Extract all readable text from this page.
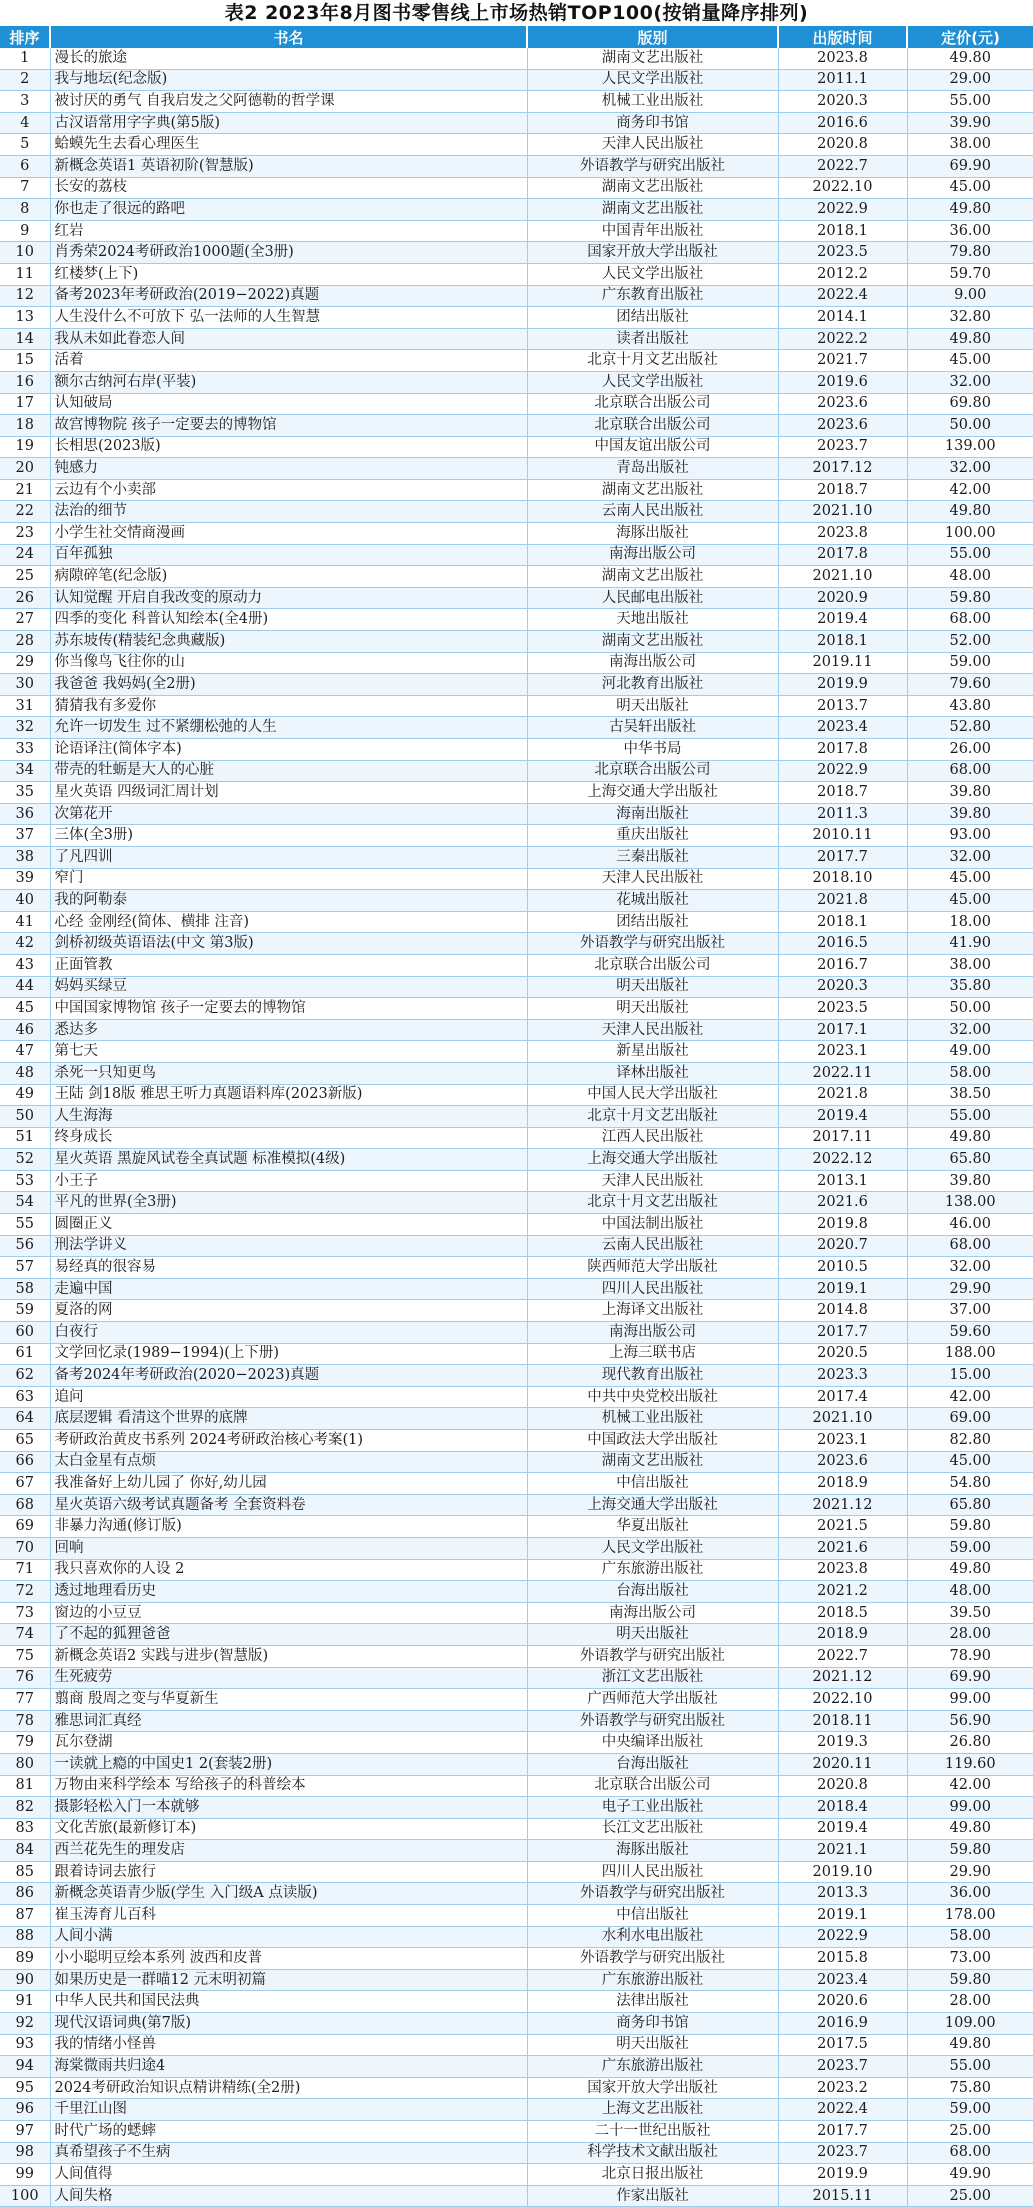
表2 2023年8月图书零售线上市场热销TOP100(按销量降序排列)
排序	书名	版别	出版时间	定价(元)
1	漫长的旅途	湖南文艺出版社	2023.8	49.80
2	我与地坛(纪念版)	人民文学出版社	2011.1	29.00
3	被讨厌的勇气 自我启发之父阿德勒的哲学课	机械工业出版社	2020.3	55.00
4	古汉语常用字字典(第5版)	商务印书馆	2016.6	39.90
5	蛤蟆先生去看心理医生	天津人民出版社	2020.8	38.00
6	新概念英语1 英语初阶(智慧版)	外语教学与研究出版社	2022.7	69.90
7	长安的荔枝	湖南文艺出版社	2022.10	45.00
8	你也走了很远的路吧	湖南文艺出版社	2022.9	49.80
9	红岩	中国青年出版社	2018.1	36.00
10	肖秀荣2024考研政治1000题(全3册)	国家开放大学出版社	2023.5	79.80
11	红楼梦(上下)	人民文学出版社	2012.2	59.70
12	备考2023年考研政治(2019−2022)真题	广东教育出版社	2022.4	9.00
13	人生没什么不可放下 弘一法师的人生智慧	团结出版社	2014.1	32.80
14	我从未如此眷恋人间	读者出版社	2022.2	49.80
15	活着	北京十月文艺出版社	2021.7	45.00
16	额尔古纳河右岸(平装)	人民文学出版社	2019.6	32.00
17	认知破局	北京联合出版公司	2023.6	69.80
18	故宫博物院 孩子一定要去的博物馆	北京联合出版公司	2023.6	50.00
19	长相思(2023版)	中国友谊出版公司	2023.7	139.00
20	钝感力	青岛出版社	2017.12	32.00
21	云边有个小卖部	湖南文艺出版社	2018.7	42.00
22	法治的细节	云南人民出版社	2021.10	49.80
23	小学生社交情商漫画	海豚出版社	2023.8	100.00
24	百年孤独	南海出版公司	2017.8	55.00
25	病隙碎笔(纪念版)	湖南文艺出版社	2021.10	48.00
26	认知觉醒 开启自我改变的原动力	人民邮电出版社	2020.9	59.80
27	四季的变化 科普认知绘本(全4册)	天地出版社	2019.4	68.00
28	苏东坡传(精装纪念典藏版)	湖南文艺出版社	2018.1	52.00
29	你当像鸟飞往你的山	南海出版公司	2019.11	59.00
30	我爸爸 我妈妈(全2册)	河北教育出版社	2019.9	79.60
31	猜猜我有多爱你	明天出版社	2013.7	43.80
32	允许一切发生 过不紧绷松弛的人生	古吴轩出版社	2023.4	52.80
33	论语译注(简体字本)	中华书局	2017.8	26.00
34	带壳的牡蛎是大人的心脏	北京联合出版公司	2022.9	68.00
35	星火英语 四级词汇周计划	上海交通大学出版社	2018.7	39.80
36	次第花开	海南出版社	2011.3	39.80
37	三体(全3册)	重庆出版社	2010.11	93.00
38	了凡四训	三秦出版社	2017.7	32.00
39	窄门	天津人民出版社	2018.10	45.00
40	我的阿勒泰	花城出版社	2021.8	45.00
41	心经 金刚经(简体、横排 注音)	团结出版社	2018.1	18.00
42	剑桥初级英语语法(中文 第3版)	外语教学与研究出版社	2016.5	41.90
43	正面管教	北京联合出版公司	2016.7	38.00
44	妈妈买绿豆	明天出版社	2020.3	35.80
45	中国国家博物馆 孩子一定要去的博物馆	明天出版社	2023.5	50.00
46	悉达多	天津人民出版社	2017.1	32.00
47	第七天	新星出版社	2023.1	49.00
48	杀死一只知更鸟	译林出版社	2022.11	58.00
49	王陆 剑18版 雅思王听力真题语料库(2023新版)	中国人民大学出版社	2021.8	38.50
50	人生海海	北京十月文艺出版社	2019.4	55.00
51	终身成长	江西人民出版社	2017.11	49.80
52	星火英语 黑旋风试卷全真试题 标准模拟(4级)	上海交通大学出版社	2022.12	65.80
53	小王子	天津人民出版社	2013.1	39.80
54	平凡的世界(全3册)	北京十月文艺出版社	2021.6	138.00
55	圆圈正义	中国法制出版社	2019.8	46.00
56	刑法学讲义	云南人民出版社	2020.7	68.00
57	易经真的很容易	陕西师范大学出版社	2010.5	32.00
58	走遍中国	四川人民出版社	2019.1	29.90
59	夏洛的网	上海译文出版社	2014.8	37.00
60	白夜行	南海出版公司	2017.7	59.60
61	文学回忆录(1989−1994)(上下册)	上海三联书店	2020.5	188.00
62	备考2024年考研政治(2020−2023)真题	现代教育出版社	2023.3	15.00
63	追问	中共中央党校出版社	2017.4	42.00
64	底层逻辑 看清这个世界的底牌	机械工业出版社	2021.10	69.00
65	考研政治黄皮书系列 2024考研政治核心考案(1)	中国政法大学出版社	2023.1	82.80
66	太白金星有点烦	湖南文艺出版社	2023.6	45.00
67	我准备好上幼儿园了 你好,幼儿园	中信出版社	2018.9	54.80
68	星火英语六级考试真题备考 全套资料卷	上海交通大学出版社	2021.12	65.80
69	非暴力沟通(修订版)	华夏出版社	2021.5	59.80
70	回响	人民文学出版社	2021.6	59.00
71	我只喜欢你的人设 2	广东旅游出版社	2023.8	49.80
72	透过地理看历史	台海出版社	2021.2	48.00
73	窗边的小豆豆	南海出版公司	2018.5	39.50
74	了不起的狐狸爸爸	明天出版社	2018.9	28.00
75	新概念英语2 实践与进步(智慧版)	外语教学与研究出版社	2022.7	78.90
76	生死疲劳	浙江文艺出版社	2021.12	69.90
77	翦商 殷周之变与华夏新生	广西师范大学出版社	2022.10	99.00
78	雅思词汇真经	外语教学与研究出版社	2018.11	56.90
79	瓦尔登湖	中央编译出版社	2019.3	26.80
80	一读就上瘾的中国史1 2(套装2册)	台海出版社	2020.11	119.60
81	万物由来科学绘本 写给孩子的科普绘本	北京联合出版公司	2020.8	42.00
82	摄影轻松入门一本就够	电子工业出版社	2018.4	99.00
83	文化苦旅(最新修订本)	长江文艺出版社	2019.4	49.80
84	西兰花先生的理发店	海豚出版社	2021.1	59.80
85	跟着诗词去旅行	四川人民出版社	2019.10	29.90
86	新概念英语青少版(学生 入门级A 点读版)	外语教学与研究出版社	2013.3	36.00
87	崔玉涛育儿百科	中信出版社	2019.1	178.00
88	人间小满	水利水电出版社	2022.9	58.00
89	小小聪明豆绘本系列 波西和皮普	外语教学与研究出版社	2015.8	73.00
90	如果历史是一群喵12 元末明初篇	广东旅游出版社	2023.4	59.80
91	中华人民共和国民法典	法律出版社	2020.6	28.00
92	现代汉语词典(第7版)	商务印书馆	2016.9	109.00
93	我的情绪小怪兽	明天出版社	2017.5	49.80
94	海棠微雨共归途4	广东旅游出版社	2023.7	55.00
95	2024考研政治知识点精讲精练(全2册)	国家开放大学出版社	2023.2	75.80
96	千里江山图	上海文艺出版社	2022.4	59.00
97	时代广场的蟋蟀	二十一世纪出版社	2017.7	25.00
98	真希望孩子不生病	科学技术文献出版社	2023.7	68.00
99	人间值得	北京日报出版社	2019.9	49.90
100	人间失格	作家出版社	2015.11	25.00
